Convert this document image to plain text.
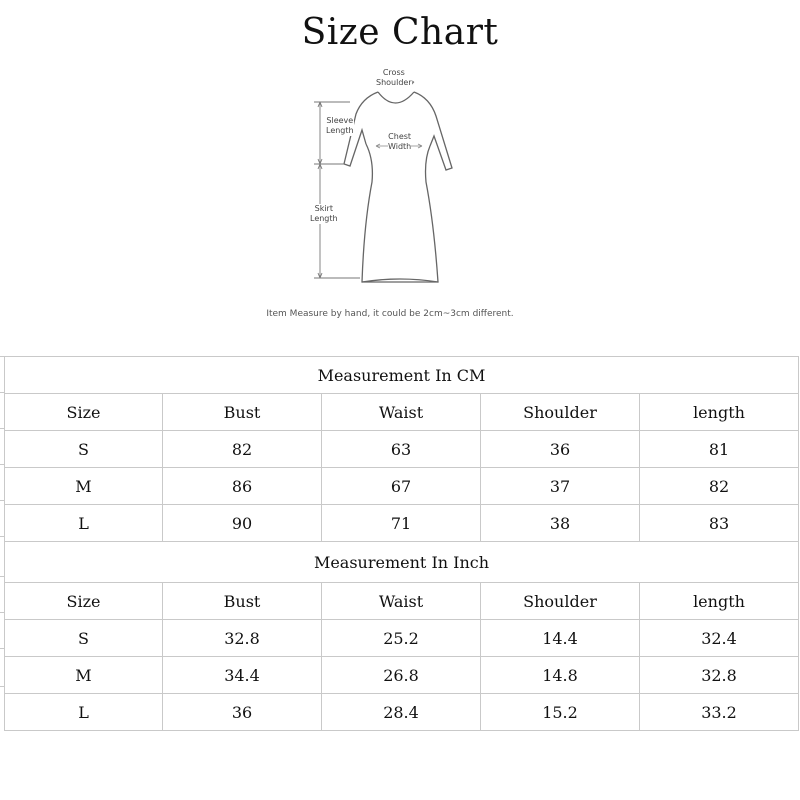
Size Chart
Cross
Shoulder
Sleeve
Length
Chest
Width
Skirt
Length
Item Measure by hand, it could be 2cm~3cm different.
Measurement In CM				
Size	Bust	Waist	Shoulder	length
S	82	63	36	81
M	86	67	37	82
L	90	71	38	83
Measurement In Inch				
Size	Bust	Waist	Shoulder	length
S	32.8	25.2	14.4	32.4
M	34.4	26.8	14.8	32.8
L	36	28.4	15.2	33.2
